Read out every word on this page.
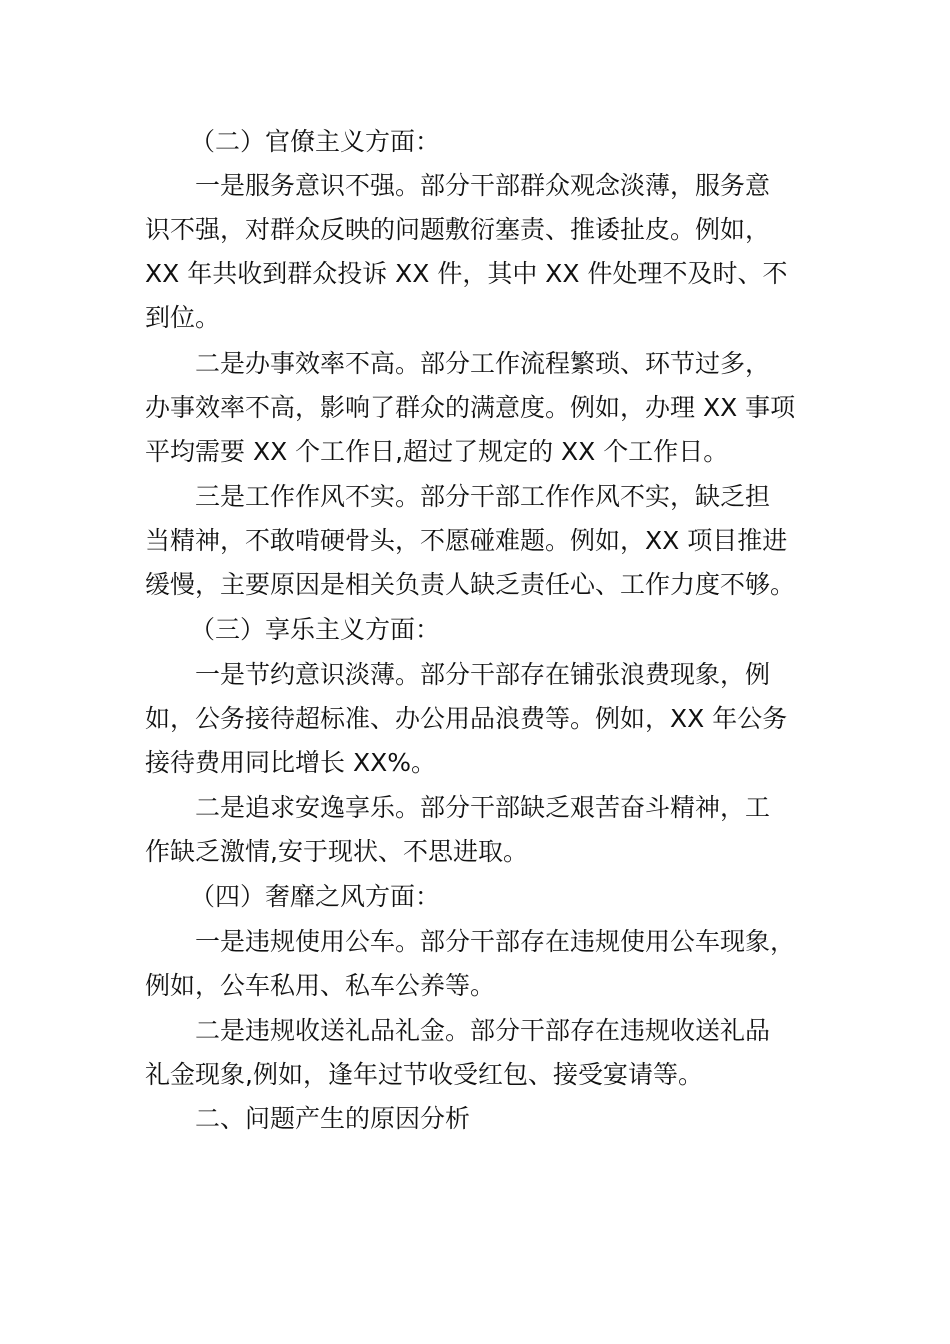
（二）官僚主义方面：
一是服务意识不强。部分干部群众观念淡薄，服务意
识不强，对群众反映的问题敷衍塞责、推诿扯皮。例如，
XX 年共收到群众投诉 XX 件，其中 XX 件处理不及时、不
到位。
二是办事效率不高。部分工作流程繁琐、环节过多，
办事效率不高，影响了群众的满意度。例如，办理 XX 事项
平均需要 XX 个工作日,超过了规定的 XX 个工作日。
三是工作作风不实。部分干部工作作风不实，缺乏担
当精神，不敢啃硬骨头，不愿碰难题。例如，XX 项目推进
缓慢，主要原因是相关负责人缺乏责任心、工作力度不够。
（三）享乐主义方面：
一是节约意识淡薄。部分干部存在铺张浪费现象，例
如，公务接待超标准、办公用品浪费等。例如，XX 年公务
接待费用同比增长 XX%。
二是追求安逸享乐。部分干部缺乏艰苦奋斗精神，工
作缺乏激情,安于现状、不思进取。
（四）奢靡之风方面：
一是违规使用公车。部分干部存在违规使用公车现象，
例如，公车私用、私车公养等。
二是违规收送礼品礼金。部分干部存在违规收送礼品
礼金现象,例如，逢年过节收受红包、接受宴请等。
二、问题产生的原因分析
